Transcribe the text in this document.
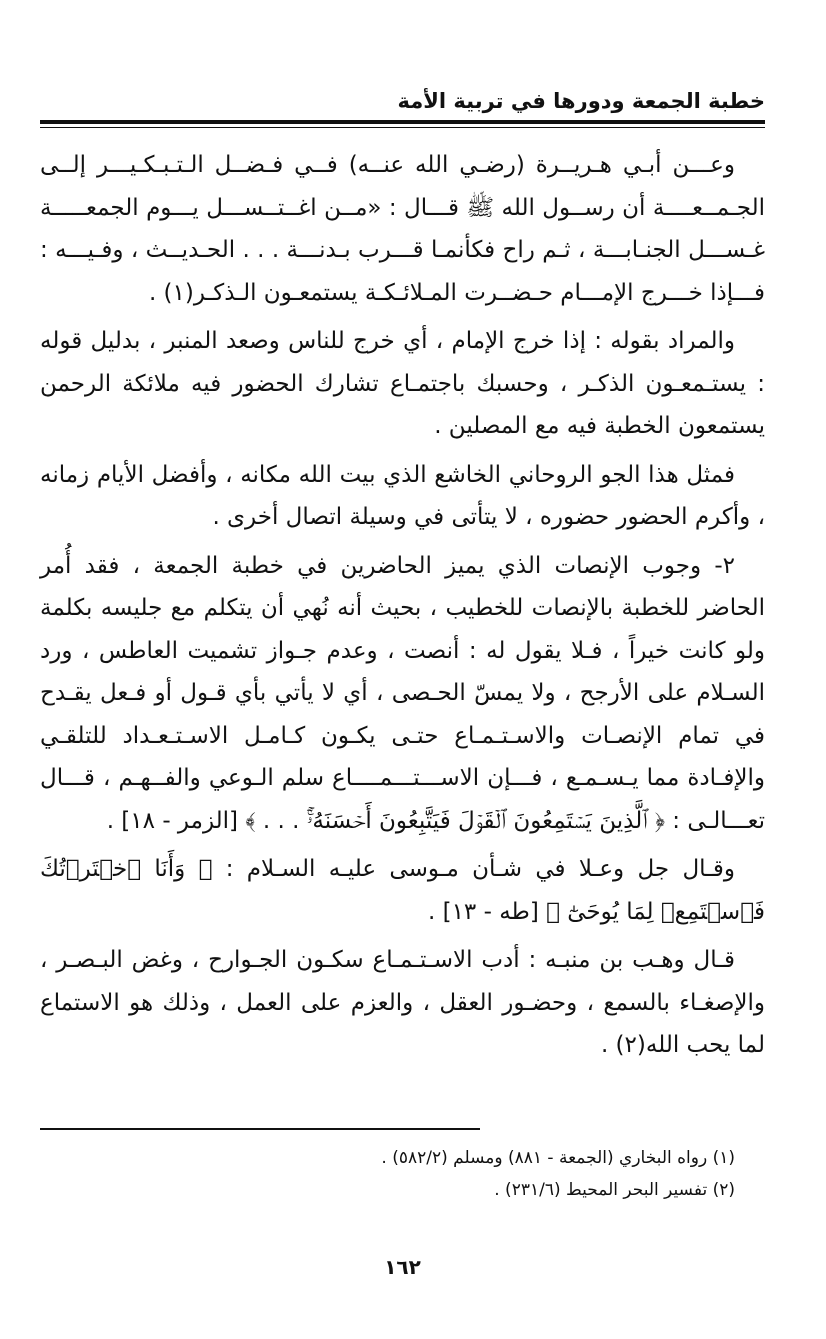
خطبة الجمعة ودورها في تربية الأمة

وعـــن أبـي هـريــرة (رضـي الله عنــه) فــي فـضــل الـتـبـكـيـــر إلــى الجـمــعــــة أن رســول الله ﷺ قـــال : «مــن اغــتــســـل يـــوم الجمعـــــة غـســـل الجنـابـــة ، ثـم راح فكأنمـا قـــرب بـدنـــة . . . الحـديــث ، وفـيـــه : فـــإذا خـــرج الإمـــام حـضــرت المـلائـكـة يستمعـون الـذكـر(١) .

والمراد بقوله : إذا خرج الإمام ، أي خرج للناس وصعد المنبر ، بدليل قوله : يستـمعـون الذكـر ، وحسبك باجتمـاع تشارك الحضور فيه ملائكة الرحمن يستمعون الخطبة فيه مع المصلين .

فمثل هذا الجو الروحاني الخاشع الذي بيت الله مكانه ، وأفضل الأيام زمانه ، وأكرم الحضور حضوره ، لا يتأتى في وسيلة اتصال أخرى .

٢- وجوب الإنصات الذي يميز الحاضرين في خطبة الجمعة ، فقد أُمر الحاضر للخطبة بالإنصات للخطيب ، بحيث أنه نُهي أن يتكلم مع جليسه بكلمة ولو كانت خيراً ، فـلا يقول له : أنصت ، وعدم جـواز تشميت العاطس ، ورد السـلام على الأرجح ، ولا يمسّ الحـصى ، أي لا يأتي بأي قـول أو فـعل يقـدح في تمام الإنصـات والاسـتـمـاع حتـى يكـون كـامـل الاسـتـعـداد للتلقـي والإفـادة مما يـسـمـع ، فـــإن الاســـتـــمــــاع سلم الـوعي والفــهـم ، قـــال تعـــالـى : ﴿ ٱلَّذِينَ يَسۡتَمِعُونَ ٱلۡقَوۡلَ فَيَتَّبِعُونَ أَحۡسَنَهُۥٓۚ . . . ﴾ [الزمر - ١٨] .

وقـال جل وعـلا في شـأن مـوسى عليـه السـلام : ﴿ وَأَنَا ٱخۡتَرۡتُكَ فَٱسۡتَمِعۡ لِمَا يُوحَىٰٓ ﴾ [طه - ١٣] .

قـال وهـب بن منبـه : أدب الاسـتـمـاع سكـون الجـوارح ، وغض البـصـر ، والإصغـاء بالسمع ، وحضـور العقل ، والعزم على العمل ، وذلك هو الاستماع لما يحب الله(٢) .

(١) رواه البخاري (الجمعة - ٨٨١) ومسلم (٥٨٢/٢) .
(٢) تفسير البحر المحيط (٢٣١/٦) .
١٦٢
